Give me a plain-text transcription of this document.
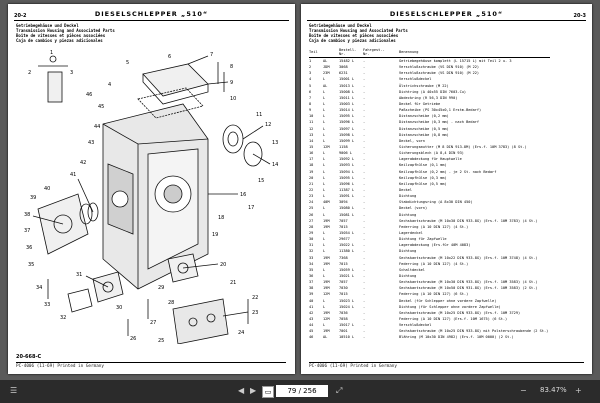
20-2	DIESELSCHLEPPER „510“
Getriebegehäuse und Deckel
Transmission Housing and Associated Parts
Boîte de vitesses et pièces associées
Caja de cambios y piezas adicionales
1
2	3
4
5
6	7
8
9
10
11
12
13
14
15
16
17
18
19
20
21
22
23
24
25
26
27
28
29
30
31
32
33
34
35
36
37
38
39
40
41
42
43
44
45
46
20-668-C
PC-4006 (11-69) Printed in Germany
DIESELSCHLEPPER „510“	20-3
Getriebegehäuse und Deckel
Transmission Housing and Associated Parts
Boîte de vitesses et pièces associées
Caja de cambios y piezas adicionales
Teil		Bestell-Nr.	Fahrgest.-Nr.		Benennung
1	AL	15482 L	-		Getriebegehäuse komplett (L 15715 L) mit Teil 2 u. 3
2	JDM	3068	-		Verschlußschraube (VS DIN 910) (M 22)
3	23M	6231	-		Verschlußschraube (VS DIN 910) (M 22)
4	L	15001 L	-		Verschlußdeckel
5	AL	15013 L	-		Ölstrichschraube (M 22)
6	L	15008 L	-		Dichtring (A 40x55 DIN 7603-Cu)
7	L	15011 L	-		Abdeckring (R 56,3 DIN 990)
8	L	15003 L	-		Deckel für Getriebe
9	L	15014 L	-		Paßscheibe (PS 30x45x0,1 Erstm-Bedarf)
10	L	15095 L	-		Distanzscheibe (0,2 mm)
11	L	15096 L	-		Distanzscheibe (0,3 mm) - nach Bedarf
12	L	15097 L	-		Distanzscheibe (0,5 mm)
13	L	15098 L	-		Distanzscheibe (0,8 mm)
14	L	15099 L	-		Deckel, vorn
15	12M	1158	-		Sicherungsmutter (M 8 DIN 913-8M) (Ers.f. 10M 3783) (8 St.)
16	L	9006 L	-		Sicherungsblech (A 8,4 DIN 93)
17	L	15092 L	-		Lagerabdeckung für Hauptwelle
18	L	15093 L	-		Keilzapfhülse (0,1 mm)
19	L	15094 L	-		Keilzapfhülse (0,2 mm) - je 2 St. nach Bedarf
20	L	15095 L	-		Keilzapfhülse (0,3 mm)
21	L	15096 L	-		Keilzapfhülse (0,5 mm)
22	L	11387 L	-		Deckel
23	L	15091 L	-		Dichtung
24	40M	3094	-		Stabdichtungsring (A 8x30 DIN 450)
25	L	15080 L	-		Deckel (vorn)
26	L	15081 L	-		Dichtung
27	19M	7057	-		Sechskantschraube (M 10x30 DIN 933-8G) (Ers.f. 10M 3783) (4 St.)
28	19M	7015	-		Federring (A 10 DIN 127) (4 St.)
29	L	15054 L	-		Lagerdeckel
30	L	29677	-		Dichtung für Zapfwelle
31	L	15022 L	-		Lagerabdeckung (Ers.für 40M 4083)
32	L	11380 L	-		Dichtung
33	19M	7368	-		Sechskantschraube (M 10x22 DIN 933-8G) (Ers.f. 10M 3748) (4 St.)
34	19M	7015	-		Federring (A 10 DIN 127) (4 St.)
35	L	15059 L	-		Schaltdeckel
36	L	15021 L	-		Dichtung
37	19M	7057	-		Sechskantschraube (M 10x30 DIN 933-8G) (Ers.f. 10M 3583) (4 St.)
38	19M	7030	-		Sechskantschraube (M 10x50 DIN 931-8G) (Ers.f. 10M 3583) (2 St.)
39	12M	7015	-		Federring (A 10 DIN 127) (6 St.)
40	L	15023 L	-		Deckel (für Schlepper ohne vordere Zapfwelle)
41	L	15024 L	-		Dichtung (für Schlepper ohne vordere Zapfwelle)
42	19M	7036	-		Sechskantschraube (M 10x25 DIN 933-8G) (Ers.f. 10M 3729)
43	12M	7058	-		Federring (A 10 DIN 127) (Ers.f. 10M 1675) (6 St.)
44	L	15017 L	-		Verschlußdeckel
45	19M	7001	-		Sechskantschraube (M 10x25 DIN 933-8G) mit Polsterschraubende (2 St.)
46	AL	10510 L	-		Blähring (M 10x30 DIN 4982) (Ers.f. 10M 0000) (2 St.)
PC-4006 (11-69) Printed in Germany
☰	◀ ▶	▭	79 / 256	⤢	− 83.47% +
